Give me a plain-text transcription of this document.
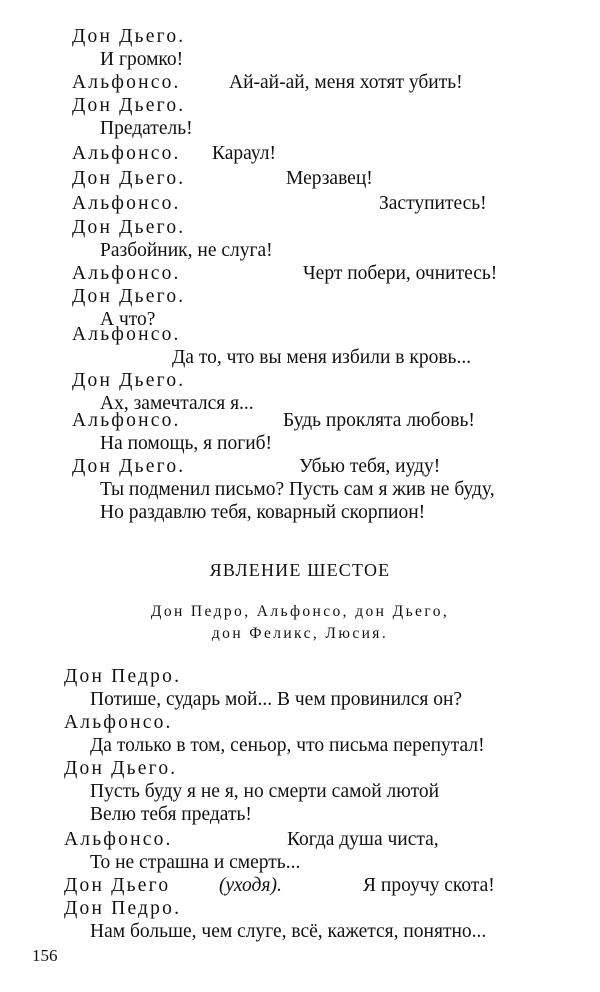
Дон Дьего.
И громко!
Альфонсо. Ай-ай-ай, меня хотят убить!
Дон Дьего.
Предатель!
Альфонсо. Караул!
Дон Дьего.	Мерзавец!
Альфонсо.	Заступитесь!
Дон Дьего.
Разбойник, не слуга!
Альфонсо.	Черт побери, очнитесь!
Дон Дьего.
А что?
Альфонсо.
Да то, что вы меня избили в кровь...
Дон Дьего.
Ах, замечтался я...
Альфонсо.	Будь проклята любовь!
На помощь, я погиб!
Дон Дьего.	Убью тебя, иуду!
Ты подменил письмо? Пусть сам я жив не буду,
Но раздавлю тебя, коварный скорпион!
Дон Педро.
Потише, сударь мой... В чем провинился он?
Альфонсо.
Да только в том, сеньор, что письма перепутал!
Дон Дьего.
Пусть буду я не я, но смерти самой лютой
Велю тебя предать!
Альфонсо.	Когда душа чиста,
То не страшна и смерть...
Дон Дьего (уходя).	Я проучу скота!
Дон Педро.
Нам больше, чем слуге, всё, кажется, понятно...
ЯВЛЕНИЕ ШЕСТОЕ
Дон Педро, Альфонсо, дон Дьего,
дон Феликс, Люсия.
156
